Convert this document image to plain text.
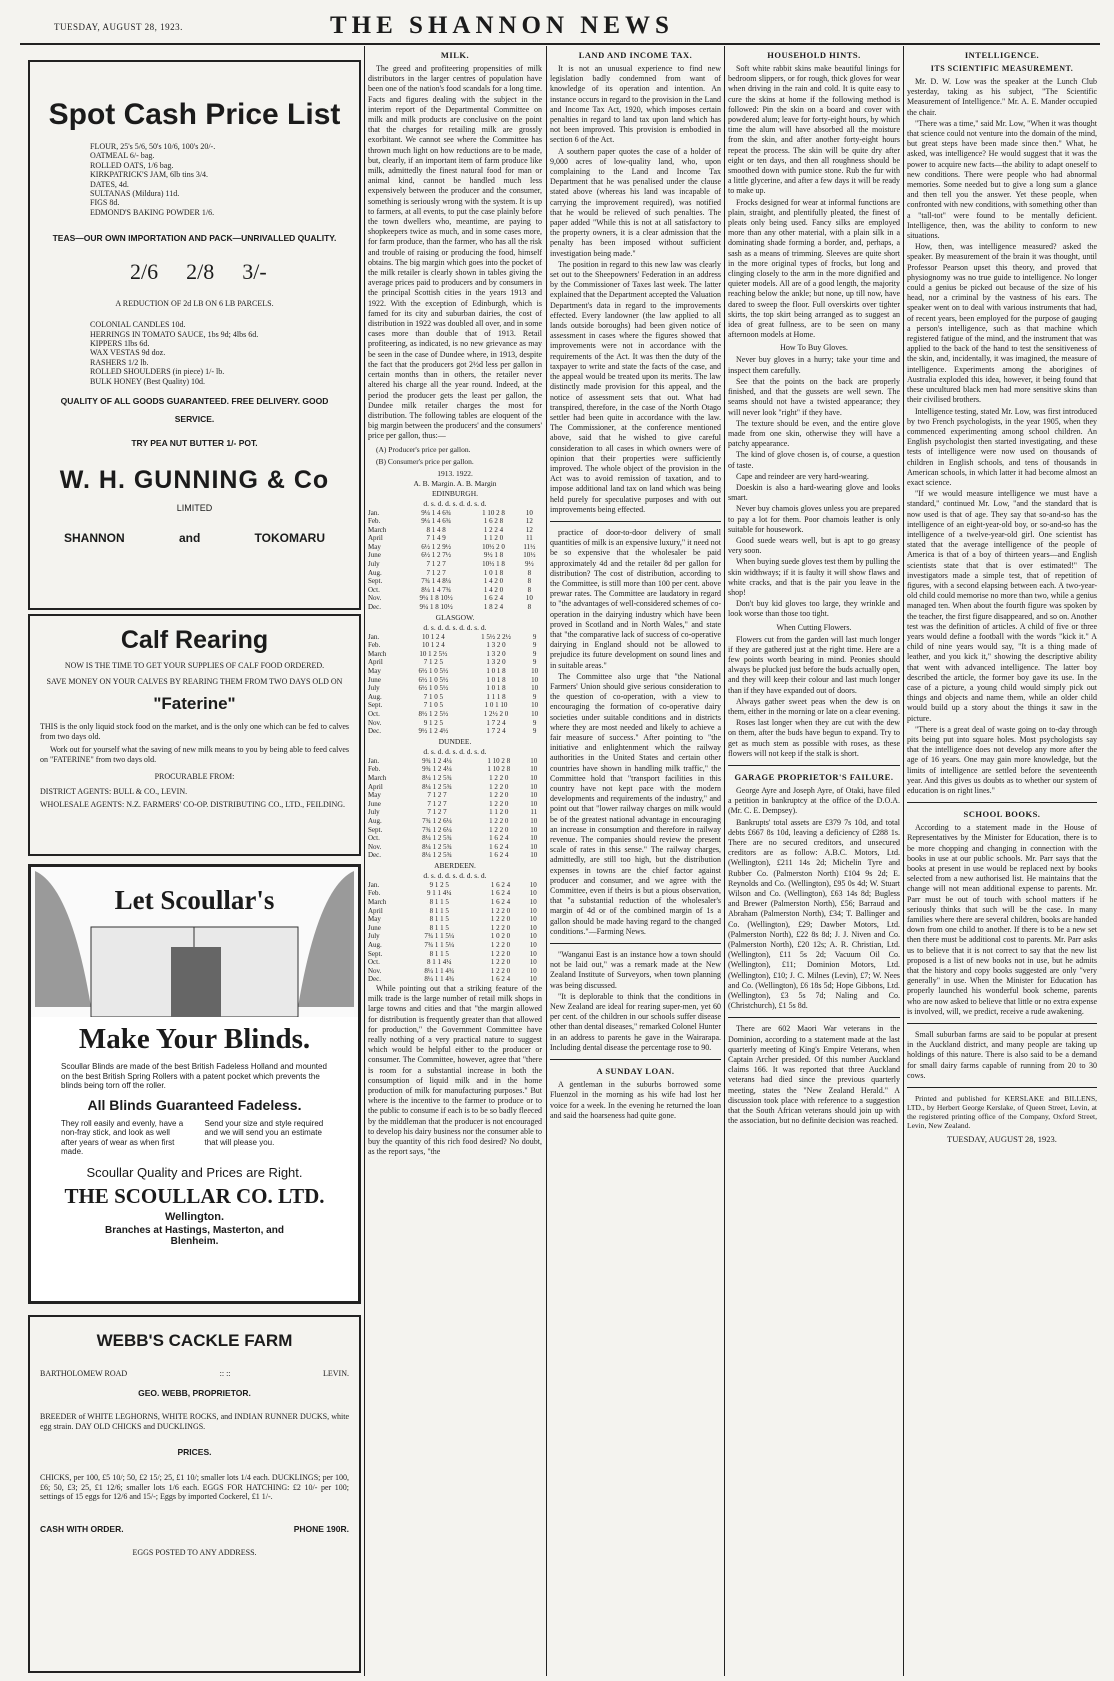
TUESDAY, AUGUST 28, 1923.	THE SHANNON NEWS
Spot Cash Price List
FLOUR, 25's 5/6, 50's 10/6, 100's 20/-.
OATMEAL 6/- bag.
ROLLED OATS, 1/6 bag.
KIRKPATRICK'S JAM, 6lb tins 3/4.
DATES, 4d.
SULTANAS (Mildura) 11d.
FIGS 8d.
EDMOND'S BAKING POWDER 1/6.
TEAS—OUR OWN IMPORTATION AND PACK—UNRIVALLED QUALITY.
2/6 2/8 3/-
A REDUCTION OF 2d LB ON 6 LB PARCELS.
COLONIAL CANDLES 10d.
HERRINGS IN TOMATO SAUCE, 1bs 9d; 4lbs 6d.
KIPPERS 1lbs 6d.
WAX VESTAS 9d doz.
RASHERS 1/2 lb.
ROLLED SHOULDERS (in piece) 1/- lb.
BULK HONEY (Best Quality) 10d.
QUALITY OF ALL GOODS GUARANTEED. FREE DELIVERY. GOOD SERVICE.
TRY PEA NUT BUTTER 1/- POT.
W. H. GUNNING & Co
LIMITED
SHANNON	and	TOKOMARU
Calf Rearing
NOW IS THE TIME TO GET YOUR SUPPLIES OF CALF FOOD ORDERED.
SAVE MONEY ON YOUR CALVES BY REARING THEM FROM TWO DAYS OLD ON
"Faterine"
THIS is the only liquid stock food on the market, and is the only one which can be fed to calves from two days old.
Work out for yourself what the saving of new milk means to you by being able to feed calves on "FATERINE" from two days old.
PROCURABLE FROM:
DISTRICT AGENTS: BULL & CO., LEVIN.
WHOLESALE AGENTS: N.Z. FARMERS' CO-OP. DISTRIBUTING CO., LTD., FEILDING.
Let Scoullar's
Make Your Blinds.
Scoullar Blinds are made of the best British Fadeless Holland and mounted on the best British Spring Rollers with a patent pocket which prevents the blinds being torn off the roller.
All Blinds Guaranteed Fadeless.
They roll easily and evenly, have a non-fray stick, and look as well after years of wear as when first made.
Send your size and style required and we will send you an estimate that will please you.
Scoullar Quality and Prices are Right.
THE SCOULLAR CO. LTD.
Wellington.
Branches at Hastings, Masterton, and Blenheim.
WEBB'S CACKLE FARM
BARTHOLOMEW ROAD	:: ::	LEVIN.
GEO. WEBB, PROPRIETOR.
BREEDER of WHITE LEGHORNS, WHITE ROCKS, and INDIAN RUNNER DUCKS, white egg strain. DAY OLD CHICKS and DUCKLINGS.
PRICES.
CHICKS, per 100, £5 10/; 50, £2 15/; 25, £1 10/; smaller lots 1/4 each. DUCKLINGS; per 100, £6; 50, £3; 25, £1 12/6; smaller lots 1/6 each. EGGS FOR HATCHING: £2 10/- per 100; settings of 15 eggs for 12/6 and 15/-; Eggs by imported Cockerel, £1 1/-.
CASH WITH ORDER.	PHONE 190R.
EGGS POSTED TO ANY ADDRESS.
MILK.

The greed and profiteering propensities of milk distributors in the larger centres of population have been one of the nation's food scandals for a long time. Facts and figures dealing with the subject in the interim report of the Departmental Committee on milk and milk products are conclusive on the point that the charges for retailing milk are grossly exorbitant. We cannot see where the Committee has thrown much light on how reductions are to be made, but, clearly, if an important item of farm produce like milk, admittedly the finest natural food for man or animal kind, cannot be handled much less expensively between the producer and the consumer, something is seriously wrong with the system. It is up to farmers, at all events, to put the case plainly before the town dwellers who, meantime, are paying to shopkeepers twice as much, and in some cases more, for farm produce, than the farmer, who has all the risk and trouble of raising or producing the food, himself obtains. The big margin which goes into the pocket of the milk retailer is clearly shown in tables giving the average prices paid to producers and by consumers in the principal Scottish cities in the years 1913 and 1922. With the exception of Edinburgh, which is famed for its city and suburban dairies, the cost of distribution in 1922 was doubled all over, and in some cases more than double that of 1913. Retail profiteering, as indicated, is no new grievance as may be seen in the case of Dundee where, in 1913, despite the fact that the producers got 2½d less per gallon in certain months than in others, the retailer never altered his charge all the year round. Indeed, at the period the producer gets the least per gallon, the Dundee milk retailer charges the most for distribution. The following tables are eloquent of the big margin between the producers' and the consumers' price per gallon, thus:—

(A) Producer's price per gallon.
(B) Consumer's price per gallon.
1913. 1922.
A. B. Margin. A. B. Margin
EDINBURGH.
d. s. d. d. s. d. d. s. d.
Jan.	9¼ 1 4 6¾	1 10 2 8	10
Feb.	9¼ 1 4 6¾	1 6 2 8	12
March	8 1 4 8	1 2 2 4	12
April	7 1 4 9	1 1 2 0	11
May	6½ 1 2 9½	10½ 2 0	11½
June	6½ 1 2 7½	9½ 1 8	10½
July	7 1 2 7	10½ 1 8	9½
Aug.	7 1 2 7	1 0 1 8	8
Sept.	7¾ 1 4 8¼	1 4 2 0	8
Oct.	8¼ 1 4 7¾	1 4 2 0	8
Nov.	9¼ 1 8 10½	1 6 2 4	10
Dec.	9¼ 1 8 10½	1 8 2 4	8
GLASGOW.
d. s. d. d. s. d. d. s. d.
Jan.	10 1 2 4	1 5½ 2 2½	9
Feb.	10 1 2 4	1 3 2 0	9
March	10 1 2 5½	1 3 2 0	9
April	7 1 2 5	1 3 2 0	9
May	6½ 1 0 5½	1 0 1 8	10
June	6½ 1 0 5½	1 0 1 8	10
July	6½ 1 0 5½	1 0 1 8	10
Aug.	7 1 0 5	1 1 1 8	9
Sept.	7 1 0 5	1 0 1 10	10
Oct.	8½ 1 2 5½	1 2½ 2 0	10
Nov.	9 1 2 5	1 7 2 4	9
Dec.	9½ 1 2 4½	1 7 2 4	9
DUNDEE.
d. s. d. d. s. d. d. s. d.
Jan.	9¾ 1 2 4¼	1 10 2 8	10
Feb.	9¾ 1 2 4¼	1 10 2 8	10
March	8¼ 1 2 5¾	1 2 2 0	10
April	8¼ 1 2 5¾	1 2 2 0	10
May	7 1 2 7	1 2 2 0	10
June	7 1 2 7	1 2 2 0	10
July	7 1 2 7	1 1 2 0	11
Aug.	7¾ 1 2 6¼	1 2 2 0	10
Sept.	7¾ 1 2 6¼	1 2 2 0	10
Oct.	8¼ 1 2 5¾	1 6 2 4	10
Nov.	8¼ 1 2 5¾	1 6 2 4	10
Dec.	8¼ 1 2 5¾	1 6 2 4	10
ABERDEEN.
d. s. d. d. s. d. d. s. d.
Jan.	9 1 2 5	1 6 2 4	10
Feb.	9 1 1 4¼	1 6 2 4	10
March	8 1 1 5	1 6 2 4	10
April	8 1 1 5	1 2 2 0	10
May	8 1 1 5	1 2 2 0	10
June	8 1 1 5	1 2 2 0	10
July	7¾ 1 1 5¼	1 0 2 0	10
Aug.	7¾ 1 1 5¼	1 2 2 0	10
Sept.	8 1 1 5	1 2 2 0	10
Oct.	8 1 1 4¼	1 2 2 0	10
Nov.	8¼ 1 1 4¾	1 2 2 0	10
Dec.	8¼ 1 1 4¾	1 6 2 4	10

While pointing out that a striking feature of the milk trade is the large number of retail milk shops in large towns and cities and that "the margin allowed for distribution is frequently greater than that allowed for production," the Government Committee have really nothing of a very practical nature to suggest which would be helpful either to the producer or consumer. The Committee, however, agree that "there is room for a substantial increase in both the consumption of liquid milk and in the home production of milk for manufacturing purposes." But where is the incentive to the farmer to produce or to the public to consume if each is to be so badly fleeced by the middleman that the producer is not encouraged to develop his dairy business nor the consumer able to buy the quantity of this rich food desired? No doubt, as the report says, "the

LAND AND INCOME TAX.

It is not an unusual experience to find new legislation badly condemned from want of knowledge of its operation and intention. An instance occurs in regard to the provision in the Land and Income Tax Act, 1920, which imposes certain penalties in regard to land tax upon land which has not been improved. This provision is embodied in section 6 of the Act.

A southern paper quotes the case of a holder of 9,000 acres of low-quality land, who, upon complaining to the Land and Income Tax Department that he was penalised under the clause stated above (whereas his land was incapable of carrying the improvement required), was notified that he would be relieved of such penalties. The paper added "While this is not at all satisfactory to the property owners, it is a clear admission that the penalty has been imposed without sufficient investigation being made."

The position in regard to this new law was clearly set out to the Sheepowners' Federation in an address by the Commissioner of Taxes last week. The latter explained that the Department accepted the Valuation Department's data in regard to the improvements effected. Every landowner (the law applied to all lands outside boroughs) had been given notice of assessment in cases where the figures showed that improvements were not in accordance with the requirements of the Act. It was then the duty of the taxpayer to write and state the facts of the case, and the appeal would be treated upon its merits. The law distinctly made provision for this appeal, and the notice of assessment sets that out. What had transpired, therefore, in the case of the North Otago settler had been quite in accordance with the law. The Commissioner, at the conference mentioned above, said that he wished to give careful consideration to all cases in which owners were of opinion that their properties were sufficiently improved. The whole object of the provision in the Act was to avoid remission of taxation, and to impose additional land tax on land which was being held purely for speculative purposes and with out improvements being effected.

practice of door-to-door delivery of small quantities of milk is an expensive luxury," it need not be so expensive that the wholesaler be paid approximately 4d and the retailer 8d per gallon for distribution? The cost of distribution, according to the Committee, is still more than 100 per cent. above prewar rates. The Committee are laudatory in regard to "the advantages of well-considered schemes of co-operation in the dairying industry which have been proved in Scotland and in North Wales," and state that "the comparative lack of success of co-operative dairying in England should not be allowed to prejudice its future development on sound lines and in suitable areas."

The Committee also urge that "the National Farmers' Union should give serious consideration to the question of co-operation, with a view to encouraging the formation of co-operative dairy societies under suitable conditions and in districts where they are most needed and likely to achieve a fair measure of success." After pointing to "the initiative and enlightenment which the railway authorities in the United States and certain other countries have shown in handling milk traffic," the Committee hold that "transport facilities in this country have not kept pace with the modern developments and requirements of the industry," and point out that "lower railway charges on milk would be of the greatest national advantage in encouraging an increase in consumption and therefore in railway revenue. The companies should review the present scale of rates in this sense." The railway charges, admittedly, are still too high, but the distribution expenses in towns are the chief factor against producer and consumer, and we agree with the Committee, even if theirs is but a pious observation, that "a substantial reduction of the wholesaler's margin of 4d or of the combined margin of 1s a gallon should be made having regard to the changed conditions."—Farming News.

"Wanganui East is an instance how a town should not be laid out," was a remark made at the New Zealand Institute of Surveyors, when town planning was being discussed.

"It is deplorable to think that the conditions in New Zealand are ideal for rearing super-men, yet 60 per cent. of the children in our schools suffer disease other than dental diseases," remarked Colonel Hunter in an address to parents he gave in the Wairarapa. Including dental disease the percentage rose to 90.

A SUNDAY LOAN.

A gentleman in the suburbs borrowed some Fluenzol in the morning as his wife had lost her voice for a week. In the evening he returned the loan and said the hoarseness had quite gone.

HOUSEHOLD HINTS.

Soft white rabbit skins make beautiful linings for bedroom slippers, or for rough, thick gloves for wear when driving in the rain and cold. It is quite easy to cure the skins at home if the following method is followed: Pin the skin on a board and cover with powdered alum; leave for forty-eight hours, by which time the alum will have absorbed all the moisture from the skin, and after another forty-eight hours repeat the process. The skin will be quite dry after eight or ten days, and then all roughness should be smoothed down with pumice stone. Rub the fur with a little glycerine, and after a few days it will be ready to make up.

Frocks designed for wear at informal functions are plain, straight, and plentifully pleated, the finest of pleats only being used. Fancy silks are employed more than any other material, with a plain silk in a dominating shade forming a border, and, perhaps, a sash as a means of trimming. Sleeves are quite short in the more original types of frocks, but long and clinging closely to the arm in the more dignified and quieter models. All are of a good length, the majority reaching below the ankle; but none, up till now, have dared to sweep the floor. Full overskirts over tighter skirts, the top skirt being arranged as to suggest an idea of great fullness, are to be seen on many afternoon models at Home.

How To Buy Gloves.

Never buy gloves in a hurry; take your time and inspect them carefully.

See that the points on the back are properly finished, and that the gussets are well sewn. The seams should not have a twisted appearance; they will never look "right" if they have.

The texture should be even, and the entire glove made from one skin, otherwise they will have a patchy appearance.

The kind of glove chosen is, of course, a question of taste.

Cape and reindeer are very hard-wearing.

Doeskin is also a hard-wearing glove and looks smart.

Never buy chamois gloves unless you are prepared to pay a lot for them. Poor chamois leather is only suitable for housework.

Good suede wears well, but is apt to go greasy very soon.

When buying suede gloves test them by pulling the skin widthways; if it is faulty it will show flaws and white cracks, and that is the pair you leave in the shop!

Don't buy kid gloves too large, they wrinkle and look worse than those too tight.

When Cutting Flowers.

Flowers cut from the garden will last much longer if they are gathered just at the right time. Here are a few points worth bearing in mind. Peonies should always be plucked just before the buds actually open, and they will keep their colour and last much longer than if they have expanded out of doors.

Always gather sweet peas when the dew is on them, either in the morning or late on a clear evening.

Roses last longer when they are cut with the dew on them, after the buds have begun to expand. Try to get as much stem as possible with roses, as these flowers will not keep if the stalk is short.

GARAGE PROPRIETOR'S FAILURE.

George Ayre and Joseph Ayre, of Otaki, have filed a petition in bankruptcy at the office of the D.O.A. (Mr. C. E. Dempsey).

Bankrupts' total assets are £379 7s 10d, and total debts £667 8s 10d, leaving a deficiency of £288 1s. There are no secured creditors, and unsecured creditors are as follow: A.B.C. Motors, Ltd. (Wellington), £211 14s 2d; Michelin Tyre and Rubber Co. (Palmerston North) £104 9s 2d; E. Reynolds and Co. (Wellington), £95 0s 4d; W. Stuart Wilson and Co. (Wellington), £63 14s 8d; Bugless and Brewer (Palmerston North), £56; Barraud and Abraham (Palmerston North), £34; T. Ballinger and Co. (Wellington), £29; Dawber Motors, Ltd. (Palmerston North), £22 8s 8d; J. J. Niven and Co. (Palmerston North), £20 12s; A. R. Christian, Ltd. (Wellington), £11 5s 2d; Vacuum Oil Co. (Wellington), £11; Dominion Motors, Ltd. (Wellington), £10; J. C. Milnes (Levin), £7; W. Nees and Co. (Wellington), £6 18s 5d; Hope Gibbons, Ltd. (Wellington), £3 5s 7d; Naling and Co. (Christchurch), £1 5s 8d.

There are 602 Maori War veterans in the Dominion, according to a statement made at the last quarterly meeting of King's Empire Veterans, when Captain Archer presided. Of this number Auckland claims 166. It was reported that three Auckland veterans had died since the previous quarterly meeting, states the "New Zealand Herald." A discussion took place with reference to a suggestion that the South African veterans should join up with the association, but no definite decision was reached.

INTELLIGENCE.
ITS SCIENTIFIC MEASUREMENT.

Mr. D. W. Low was the speaker at the Lunch Club yesterday, taking as his subject, "The Scientific Measurement of Intelligence." Mr. A. E. Mander occupied the chair.

"There was a time," said Mr. Low, "When it was thought that science could not venture into the domain of the mind, but great steps have been made since then." What, he asked, was intelligence? He would suggest that it was the power to acquire new facts—the ability to adapt oneself to new conditions. There were people who had abnormal memories. Some needed but to give a long sum a glance and then tell you the answer. Yet these people, when confronted with new conditions, with something other than a "tall-tot" were found to be mentally deficient. Intelligence, then, was the ability to conform to new situations.

How, then, was intelligence measured? asked the speaker. By measurement of the brain it was thought, until Professor Pearson upset this theory, and proved that physiognomy was no true guide to intelligence. No longer could a genius be picked out because of the size of his head, nor a criminal by the vastness of his ears. The speaker went on to deal with various instruments that had, of recent years, been employed for the purpose of gauging a person's intelligence, such as that machine which registered fatigue of the mind, and the instrument that was applied to the back of the hand to test the sensitiveness of the skin, and, incidentally, it was imagined, the measure of intelligence. Experiments among the aborigines of Australia exploded this idea, however, it being found that these uncultured black men had more sensitive skins than their civilised brothers.

Intelligence testing, stated Mr. Low, was first introduced by two French psychologists, in the year 1905, when they commenced experimenting among school children. An English psychologist then started investigating, and these tests of intelligence were now used on thousands of children in English schools, and tens of thousands in American schools, in which latter it had become almost an exact science.

"If we would measure intelligence we must have a standard," continued Mr. Low, "and the standard that is now used is that of age. They say that so-and-so has the intelligence of an eight-year-old boy, or so-and-so has the intelligence of a twelve-year-old girl. One scientist has stated that the average intelligence of the people of America is that of a boy of thirteen years—and English scientists state that that is over estimated!" The investigators made a simple test, that of repetition of figures, with a second elapsing between each. A two-year-old child could memorise no more than two, while a genius managed ten. When about the fourth figure was spoken by the teacher, the first figure disappeared, and so on. Another test was the definition of articles. A child of five or three years would define a football with the words "kick it." A child of nine years would say, "It is a thing made of leather, and you kick it," showing the descriptive ability that went with advanced intelligence. The latter boy described the article, the former boy gave its use. In the case of a picture, a young child would simply pick out things and objects and name them, while an older child would build up a story about the things it saw in the picture.

"There is a great deal of waste going on to-day through pits being put into square holes. Most psychologists say that the intelligence does not develop any more after the age of 16 years. One may gain more knowledge, but the limits of intelligence are settled before the seventeenth year. And this gives us doubts as to whether our system of education is on right lines."

SCHOOL BOOKS.

According to a statement made in the House of Representatives by the Minister for Education, there is to be more chopping and changing in connection with the books in use at our public schools. Mr. Parr says that the books at present in use would be replaced next by books selected from a new authorised list. He maintains that the change will not mean additional expense to parents. Mr. Parr must be out of touch with school matters if he seriously thinks that such will be the case. In many families where there are several children, books are handed down from one child to another. If there is to be a new set then there must be additional cost to parents. Mr. Parr asks us to believe that it is not correct to say that the new list proposed is a list of new books not in use, but he admits that the history and copy books suggested are only "very generally" in use. When the Minister for Education has properly launched his wonderful book scheme, parents who are now asked to believe that little or no extra expense is involved, will, we predict, receive a rude awakening.

Small suburban farms are said to be popular at present in the Auckland district, and many people are taking up holdings of this nature. There is also said to be a demand for small dairy farms capable of running from 20 to 30 cows.

Printed and published for KERSLAKE and BILLENS, LTD., by Herbert George Kerslake, of Queen Street, Levin, at the registered printing office of the Company, Oxford Street, Levin, New Zealand.

TUESDAY, AUGUST 28, 1923.
